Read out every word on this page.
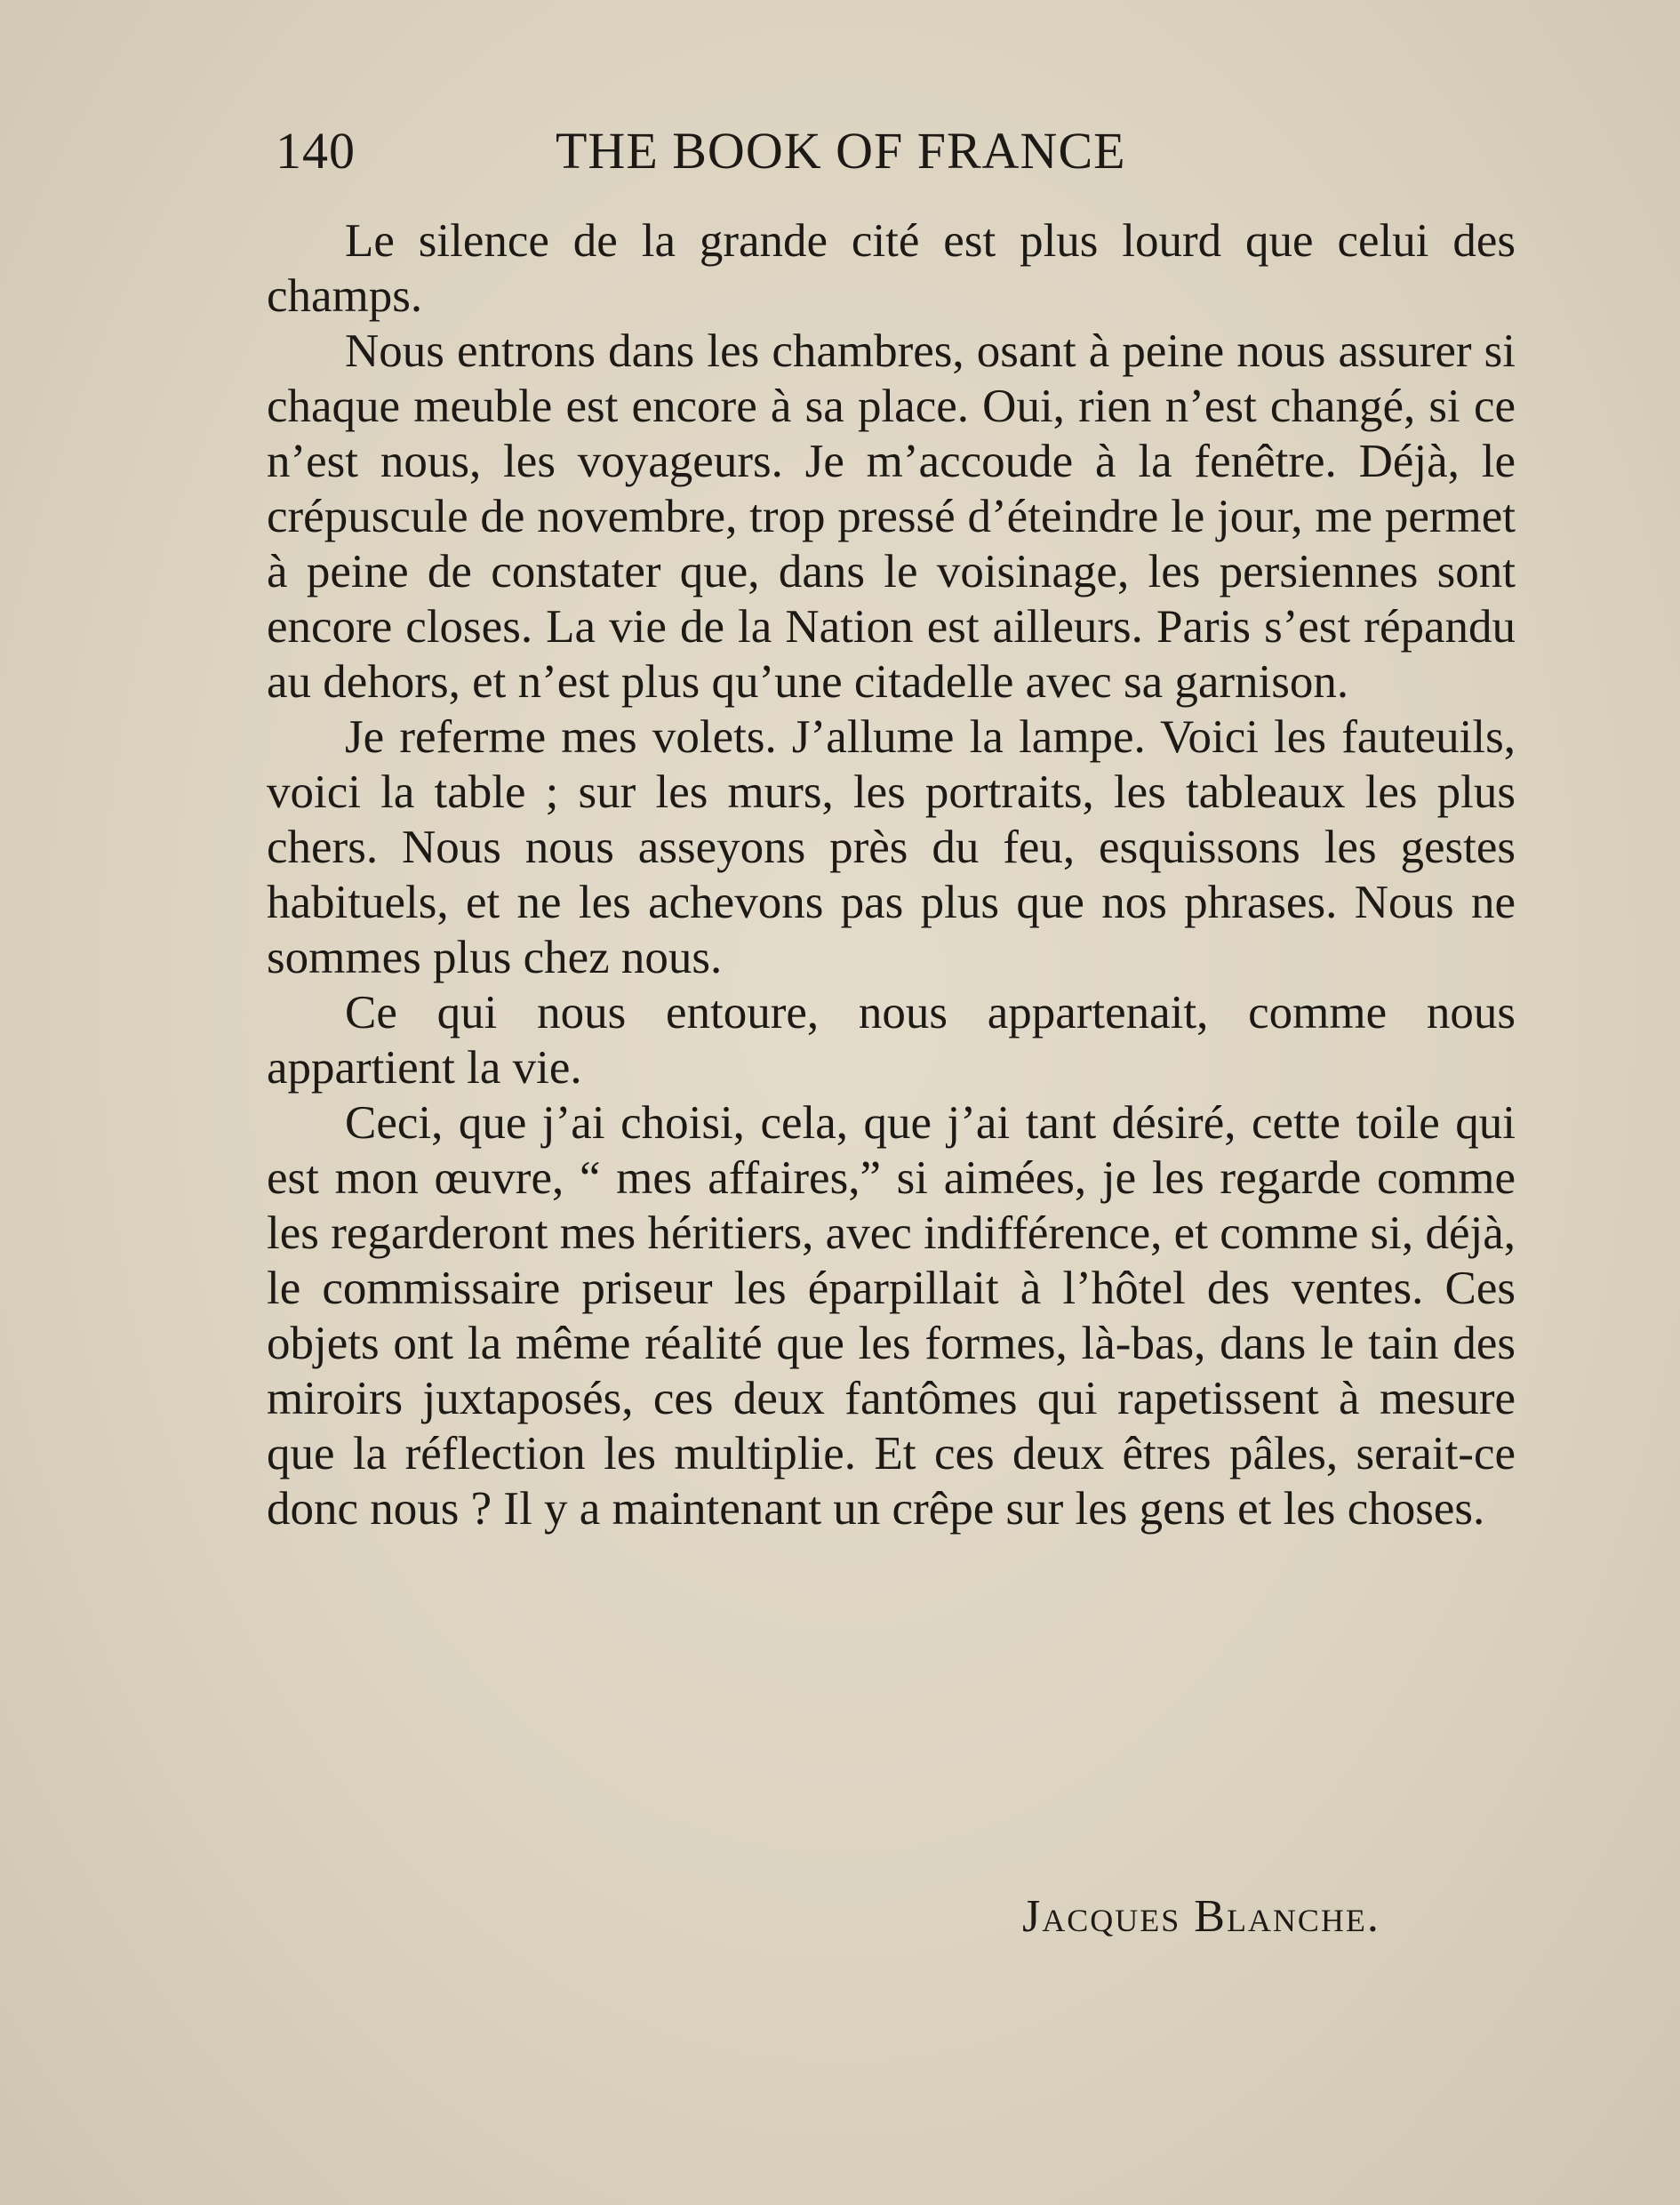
140	THE BOOK OF FRANCE

Le silence de la grande cité est plus lourd que celui des champs.

Nous entrons dans les chambres, osant à peine nous assurer si chaque meuble est encore à sa place. Oui, rien n’est changé, si ce n’est nous, les voyageurs. Je m’accoude à la fenêtre. Déjà, le crépuscule de novembre, trop pressé d’éteindre le jour, me permet à peine de constater que, dans le voisinage, les persiennes sont encore closes. La vie de la Nation est ailleurs. Paris s’est répandu au dehors, et n’est plus qu’une citadelle avec sa garnison.

Je referme mes volets. J’allume la lampe. Voici les fauteuils, voici la table ; sur les murs, les portraits, les tableaux les plus chers. Nous nous asseyons près du feu, esquissons les gestes habituels, et ne les achevons pas plus que nos phrases. Nous ne sommes plus chez nous.

Ce qui nous entoure, nous appartenait, comme nous appartient la vie.

Ceci, que j’ai choisi, cela, que j’ai tant désiré, cette toile qui est mon œuvre, “ mes affaires,” si aimées, je les regarde comme les regarderont mes héritiers, avec indifférence, et comme si, déjà, le commissaire priseur les éparpillait à l’hôtel des ventes. Ces objets ont la même réalité que les formes, là-bas, dans le tain des miroirs juxtaposés, ces deux fantômes qui rapetissent à mesure que la réflection les multiplie. Et ces deux êtres pâles, serait-ce donc nous ? Il y a maintenant un crêpe sur les gens et les choses.

Jacques Blanche.
